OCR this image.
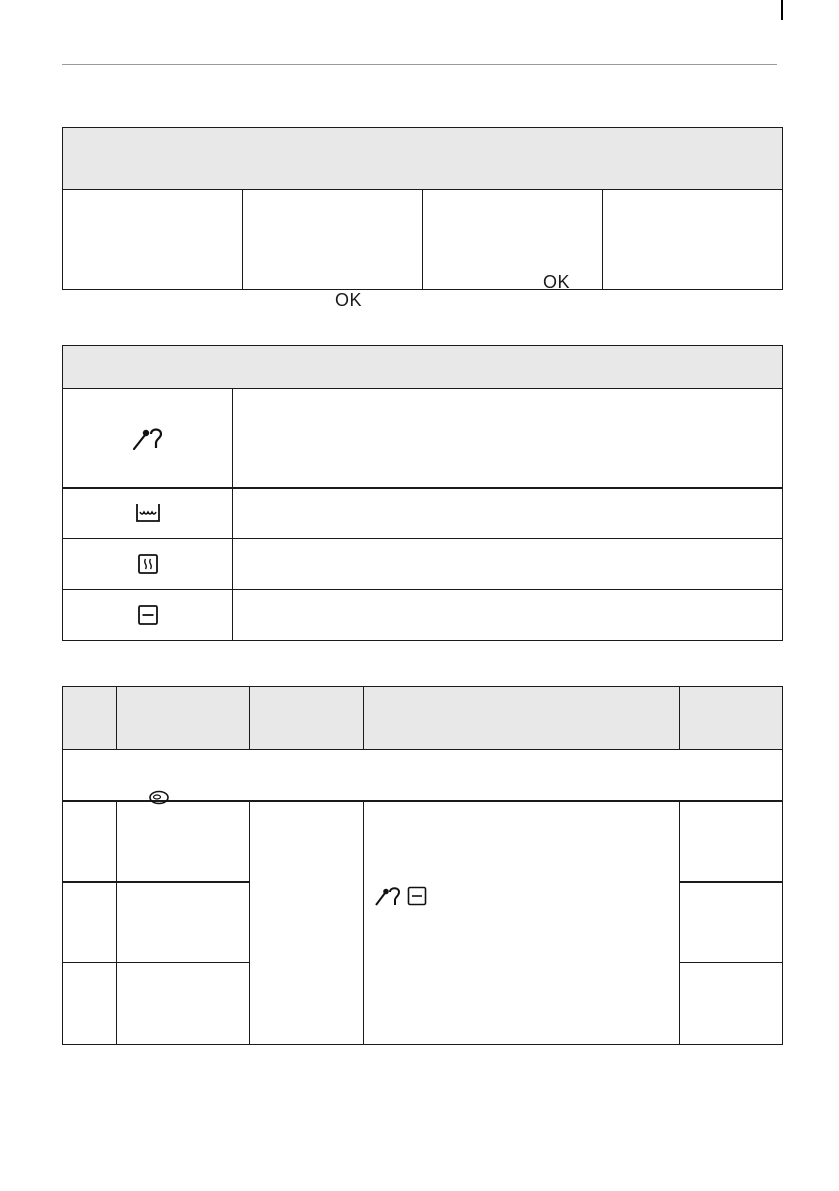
OK

OK
